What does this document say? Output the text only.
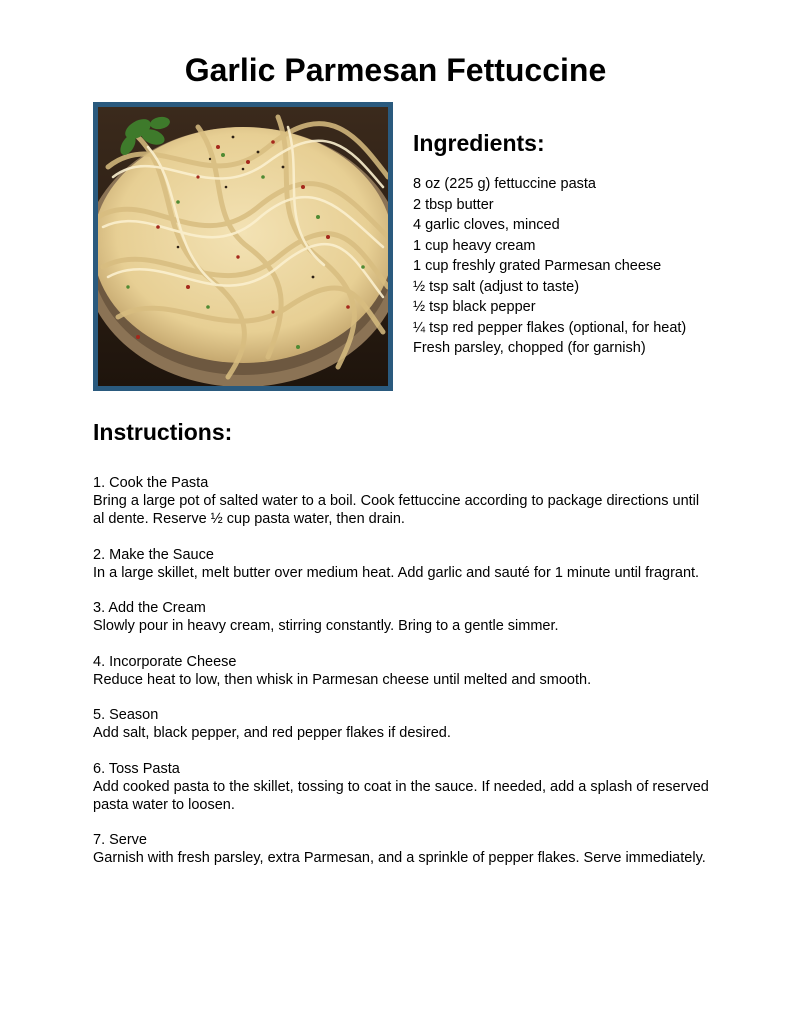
Garlic Parmesan Fettuccine
Ingredients:
8 oz (225 g) fettuccine pasta
2 tbsp butter
4 garlic cloves, minced
1 cup heavy cream
1 cup freshly grated Parmesan cheese
½ tsp salt (adjust to taste)
½ tsp black pepper
¼ tsp red pepper flakes (optional, for heat)
Fresh parsley, chopped (for garnish)
Instructions:
1. Cook the Pasta
Bring a large pot of salted water to a boil. Cook fettuccine according to package directions until al dente. Reserve ½ cup pasta water, then drain.
2. Make the Sauce
In a large skillet, melt butter over medium heat. Add garlic and sauté for 1 minute until fragrant.
3. Add the Cream
Slowly pour in heavy cream, stirring constantly. Bring to a gentle simmer.
4. Incorporate Cheese
Reduce heat to low, then whisk in Parmesan cheese until melted and smooth.
5. Season
Add salt, black pepper, and red pepper flakes if desired.
6. Toss Pasta
Add cooked pasta to the skillet, tossing to coat in the sauce. If needed, add a splash of reserved pasta water to loosen.
7. Serve
Garnish with fresh parsley, extra Parmesan, and a sprinkle of pepper flakes. Serve immediately.
